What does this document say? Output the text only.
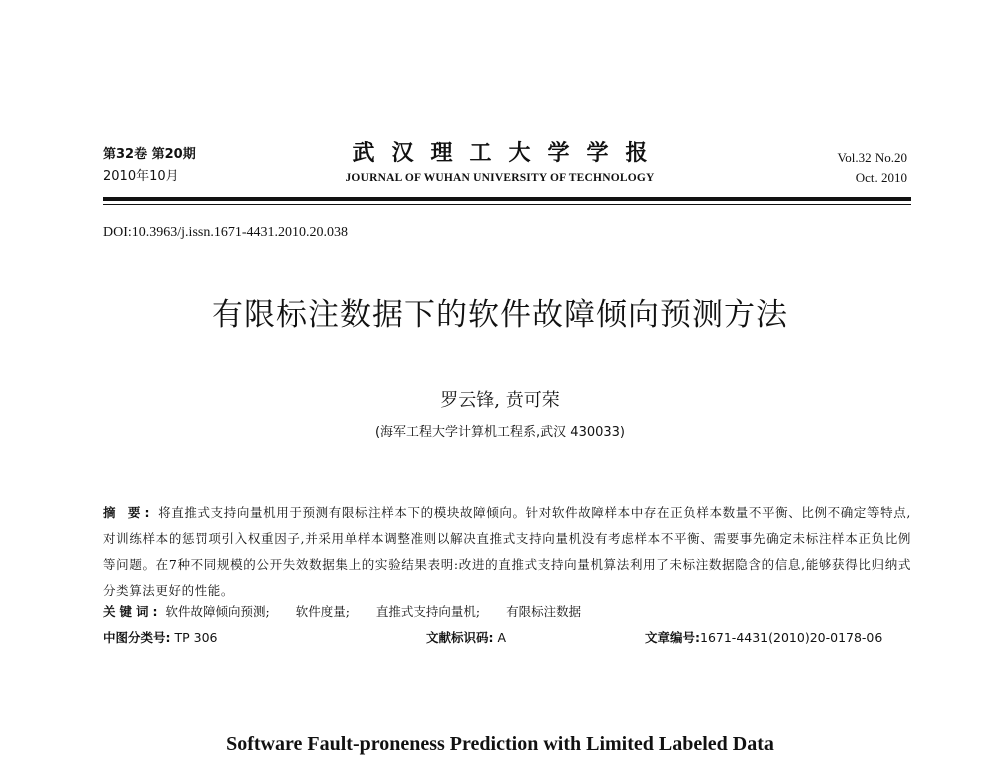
第32卷 第20期
2010年10月
武汉理工大学学报
JOURNAL OF WUHAN UNIVERSITY OF TECHNOLOGY
Vol.32 No.20
Oct. 2010
DOI:10.3963/j.issn.1671-4431.2010.20.038
有限标注数据下的软件故障倾向预测方法
罗云锋, 贲可荣
(海军工程大学计算机工程系,武汉 430033)
摘 要: 将直推式支持向量机用于预测有限标注样本下的模块故障倾向。针对软件故障样本中存在正负样本数量不平衡、比例不确定等特点,对训练样本的惩罚项引入权重因子,并采用单样本调整准则以解决直推式支持向量机没有考虑样本不平衡、需要事先确定未标注样本正负比例等问题。在7种不同规模的公开失效数据集上的实验结果表明:改进的直推式支持向量机算法利用了未标注数据隐含的信息,能够获得比归纳式分类算法更好的性能。
关键词: 软件故障倾向预测; 软件度量; 直推式支持向量机; 有限标注数据
中图分类号: TP 306	文献标识码: A	文章编号:1671-4431(2010)20-0178-06
Software Fault-proneness Prediction with Limited Labeled Data
